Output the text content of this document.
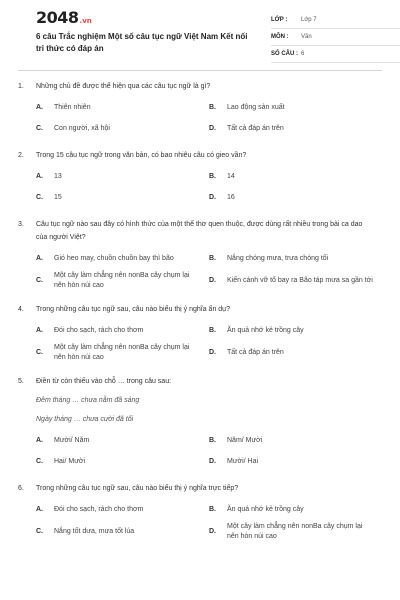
2048.vn
6 câu Trắc nghiệm Một số câu tục ngữ Việt Nam Kết nối tri thức có đáp án
LỚP :	Lớp 7
MÔN :	Văn
SỐ CÂU : 6
1.	Những chủ đề được thể hiện qua các câu tục ngữ là gì?
A.	Thiên nhiên	B.	Lao động sản xuất
C.	Con người, xã hội	D.	Tất cả đáp án trên
2.	Trong 15 câu tục ngữ trong văn bản, có bao nhiêu câu có gieo vần?
A.	13	B.	14
C.	15	D.	16
3.	Câu tục ngữ nào sau đây có hình thức của một thể thơ quen thuộc, được dùng rất nhiều trong bài ca dao của người Việt?
A.	Gió heo may, chuồn chuồn bay thì bão	B.	Nắng chóng mưa, trưa chóng tối
C.
Một cây làm chẳng nên nonBa cây chụm lại nên hòn núi cao
D.	Kiến cánh vỡ tổ bay ra Bão táp mưa sa gần tới
4.	Trong những câu tục ngữ sau, câu nào biểu thị ý nghĩa ẩn dụ?
A.	Đói cho sạch, rách cho thơm	B.	Ăn quả nhớ kẻ trồng cây
C.
Một cây làm chẳng nên nonBa cây chụm lại nên hòn núi cao
D.	Tất cả đáp án trên
5.	Điền từ còn thiếu vào chỗ … trong câu sau:
Đêm tháng … chưa nằm đã sáng
Ngày tháng … chưa cười đã tối
A.	Mười/ Năm	B.	Năm/ Mười
C.	Hai/ Mười	D.	Mười/ Hai
6.	Trong những câu tục ngữ sau, câu nào biểu thị ý nghĩa trực tiếp?
A.	Đói cho sạch, rách cho thơm	B.	Ăn quả nhớ kẻ trồng cây
C.	Nắng tốt dưa, mưa tốt lúa	D.
Một cây làm chẳng nên nonBa cây chụm lại nên hòn núi cao
